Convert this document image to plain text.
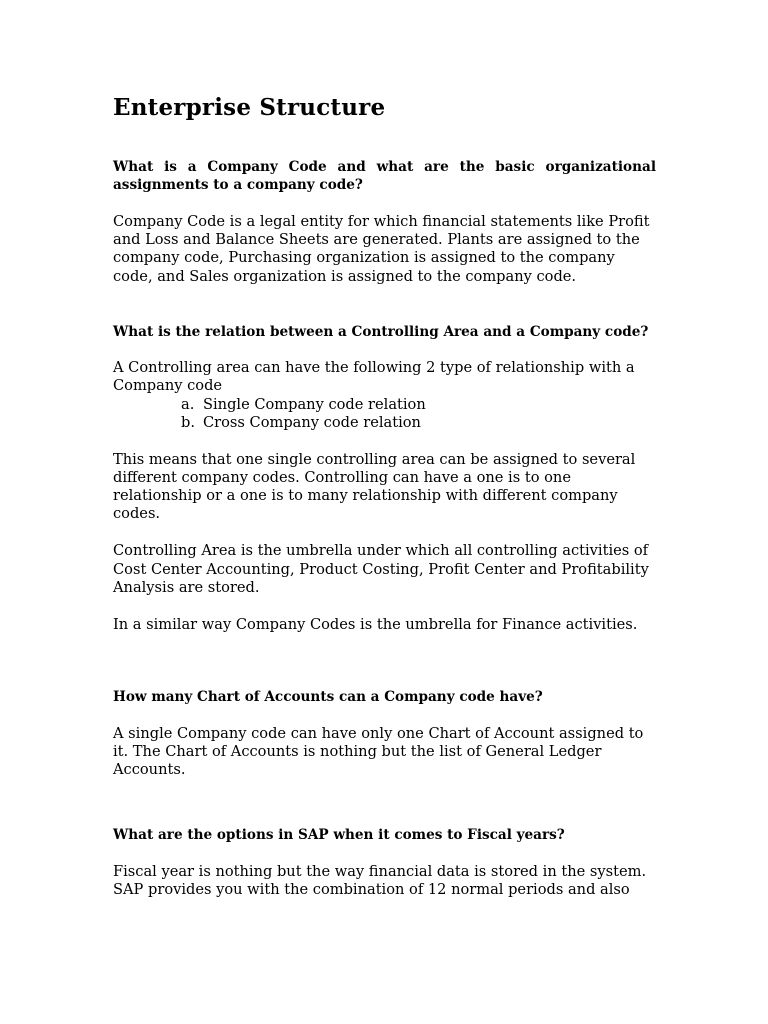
Enterprise Structure
What is a Company Code and what are the basic organizational assignments to a company code?
Company Code is a legal entity for which financial statements like Profit and Loss and Balance Sheets are generated. Plants are assigned to the company code, Purchasing organization is assigned to the company code, and Sales organization is assigned to the company code.
What is the relation between a Controlling Area and a Company code?
A Controlling area can have the following 2 type of relationship with a Company code
a. Single Company code relation
b. Cross Company code relation
This means that one single controlling area can be assigned to several different company codes. Controlling can have a one is to one relationship or a one is to many relationship with different company codes.
Controlling Area is the umbrella under which all controlling activities of Cost Center Accounting, Product Costing, Profit Center and Profitability Analysis are stored.
In a similar way Company Codes is the umbrella for Finance activities.
How many Chart of Accounts can a Company code have?
A single Company code can have only one Chart of Account assigned to it. The Chart of Accounts is nothing but the list of General Ledger Accounts.
What are the options in SAP when it comes to Fiscal years?
Fiscal year is nothing but the way financial data is stored in the system. SAP provides you with the combination of 12 normal periods and also
